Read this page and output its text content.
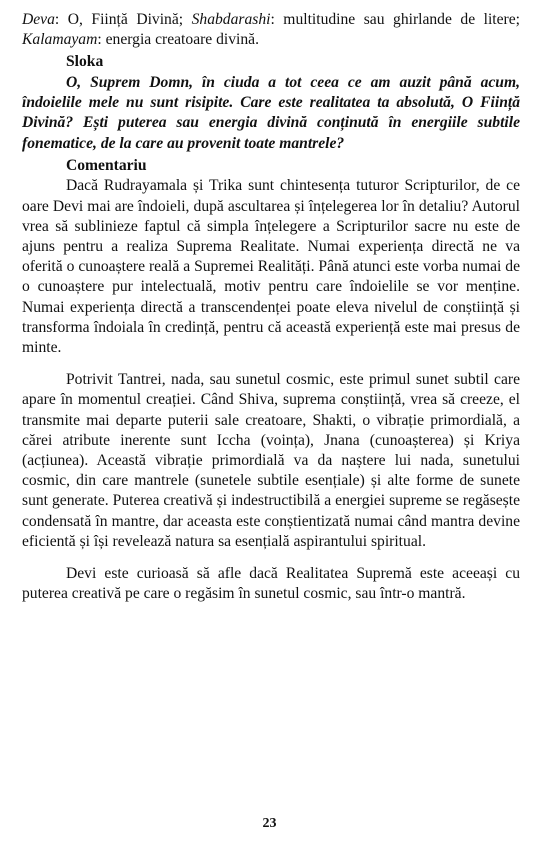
Deva: O, Ființă Divină; Shabdarashi: multitudine sau ghirlande de litere; Kalamayam: energia creatoare divină.

Sloka

O, Suprem Domn, în ciuda a tot ceea ce am auzit până acum, îndoielile mele nu sunt risipite. Care este realitatea ta absolută, O Ființă Divină? Ești puterea sau energia divină conținută în energiile subtile fonematice, de la care au provenit toate mantrele?

Comentariu

Dacă Rudrayamala și Trika sunt chintesența tuturor Scripturilor, de ce oare Devi mai are îndoieli, după ascultarea și înțelegerea lor în detaliu? Autorul vrea să sublinieze faptul că simpla înțelegere a Scripturilor sacre nu este de ajuns pentru a realiza Suprema Realitate. Numai experiența directă ne va oferită o cunoaștere reală a Supremei Realități. Până atunci este vorba numai de o cunoaștere pur intelectuală, motiv pentru care îndoielile se vor menține. Numai experiența directă a transcendenței poate eleva nivelul de conștiință și transforma îndoiala în credință, pentru că această experiență este mai presus de minte.

Potrivit Tantrei, nada, sau sunetul cosmic, este primul sunet subtil care apare în momentul creației. Când Shiva, suprema conștiință, vrea să creeze, el transmite mai departe puterii sale creatoare, Shakti, o vibrație primordială, a cărei atribute inerente sunt Iccha (voința), Jnana (cunoașterea) și Kriya (acțiunea). Această vibrație primordială va da naștere lui nada, sunetului cosmic, din care mantrele (sunetele subtile esențiale) și alte forme de sunete sunt generate. Puterea creativă și indestructibilă a energiei supreme se regăsește condensată în mantre, dar aceasta este conștientizată numai când mantra devine eficientă și își revelează natura sa esențială aspirantului spiritual.

Devi este curioasă să afle dacă Realitatea Supremă este aceeași cu puterea creativă pe care o regăsim în sunetul cosmic, sau într-o mantră.

23
